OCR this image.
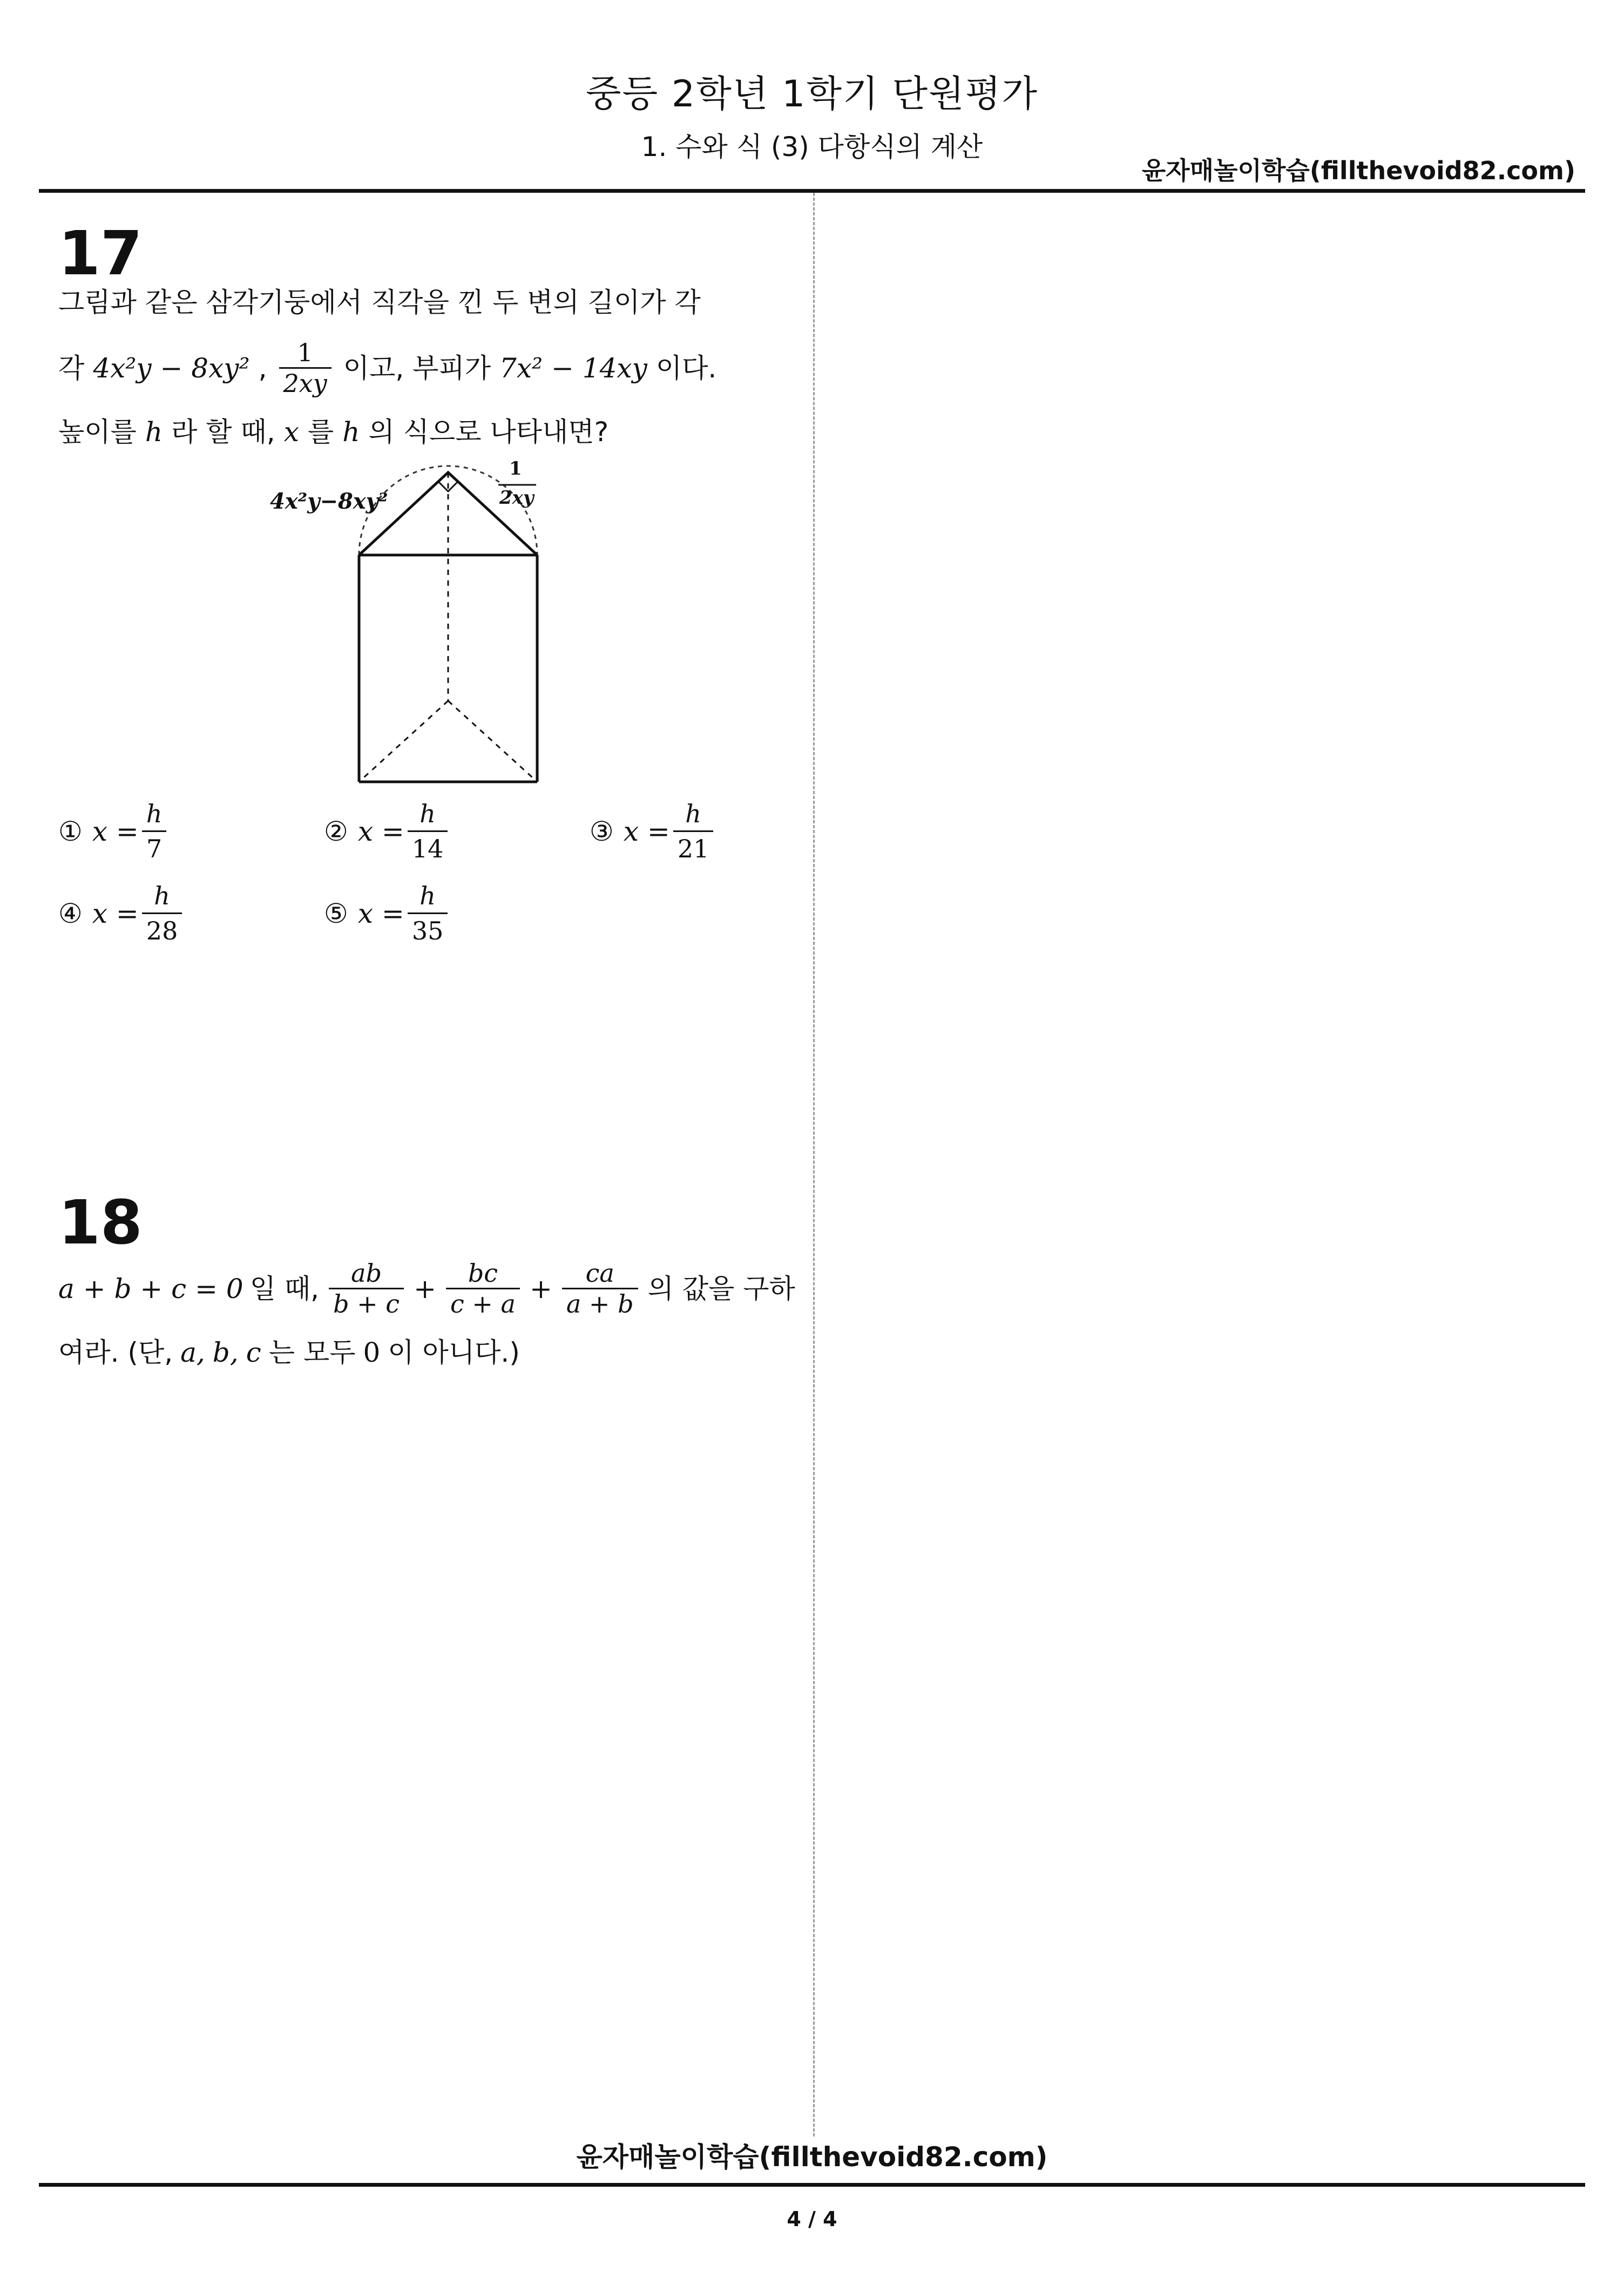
중등 2학년 1학기 단원평가
1. 수와 식 (3) 다항식의 계산
윤자매놀이학습(fillthevoid82.com)
17
그림과 같은 삼각기둥에서 직각을 낀 두 변의 길이가 각
각 4x²y − 8xy² , $\frac{1}{2xy}$ 이고, 부피가 7x² − 14xy 이다.
높이를 h 라 할 때, x 를 h 의 식으로 나타내면?
4x²y−8xy²
1
2xy
① $x = \frac{h}{7}$	② $x = \frac{h}{14}$	③ $x = \frac{h}{21}$
④ $x = \frac{h}{28}$	⑤ $x = \frac{h}{35}$
18
a + b + c = 0 일 때, $\frac{ab}{b + c} + \frac{bc}{c + a} + \frac{ca}{a + b}$ 의 값을 구하
여라. (단, a, b, c 는 모두 0 이 아니다.)
윤자매놀이학습(fillthevoid82.com)
4 / 4
